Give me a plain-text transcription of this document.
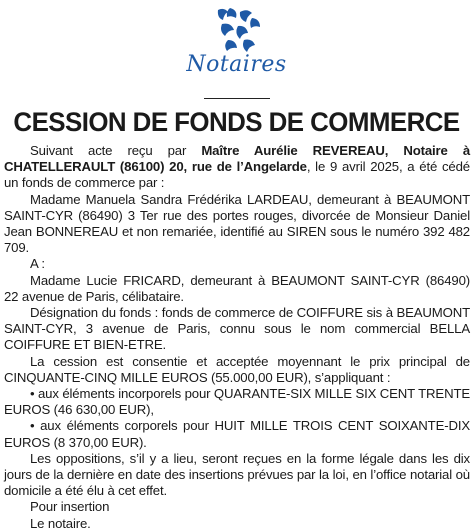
Notaires
CESSION DE FONDS DE COMMERCE

Suivant acte reçu par Maître Aurélie REVEREAU, Notaire à CHATELLERAULT (86100) 20, rue de l’Angelarde, le 9 avril 2025, a été cédé un fonds de commerce par :

Madame Manuela Sandra Frédérika LARDEAU, demeurant à BEAUMONT SAINT-CYR (86490) 3 Ter rue des portes rouges, divorcée de Monsieur Daniel Jean BONNEREAU et non remariée, identifié au SIREN sous le numéro 392 482 709.

A :

Madame Lucie FRICARD, demeurant à BEAUMONT SAINT-CYR (86490) 22 avenue de Paris, célibataire.

Désignation du fonds : fonds de commerce de COIFFURE sis à BEAUMONT SAINT-CYR, 3 avenue de Paris, connu sous le nom commercial BELLA COIFFURE ET BIEN-ETRE.

La cession est consentie et acceptée moyennant le prix principal de CINQUANTE-CINQ MILLE EUROS (55.000,00 EUR), s’appliquant :

• aux éléments incorporels pour QUARANTE-SIX MILLE SIX CENT TRENTE EUROS (46 630,00 EUR),

• aux éléments corporels pour HUIT MILLE TROIS CENT SOIXANTE-DIX EUROS (8 370,00 EUR).

Les oppositions, s’il y a lieu, seront reçues en la forme légale dans les dix jours de la dernière en date des insertions prévues par la loi, en l’office notarial où domicile a été élu à cet effet.

Pour insertion

Le notaire.
